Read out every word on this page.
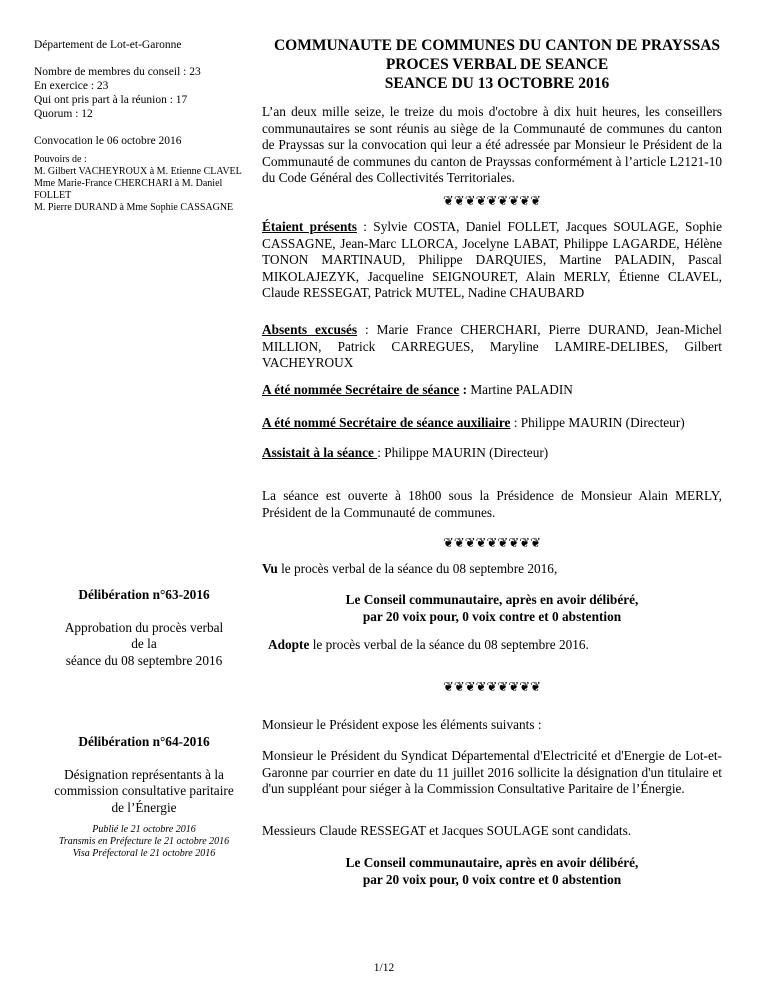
Département de Lot-et-Garonne
Nombre de membres du conseil : 23
En exercice : 23
Qui ont pris part à la réunion : 17
Quorum : 12
Convocation le 06 octobre 2016
Pouvoirs de :
M. Gilbert VACHEYROUX à M. Etienne CLAVEL
Mme Marie-France CHERCHARI à M. Daniel
FOLLET
M. Pierre DURAND à Mme Sophie CASSAGNE
COMMUNAUTE DE COMMUNES DU CANTON DE PRAYSSAS
PROCES VERBAL DE SEANCE
SEANCE DU 13 OCTOBRE 2016
L’an deux mille seize, le treize du mois d'octobre à dix huit heures, les conseillers communautaires se sont réunis au siège de la Communauté de communes du canton de Prayssas sur la convocation qui leur a été adressée par Monsieur le Président de la Communauté de communes du canton de Prayssas conformément à l’article L2121-10 du Code Général des Collectivités Territoriales.
❦❦❦❦❦❦❦❦❦
Étaient présents : Sylvie COSTA, Daniel FOLLET, Jacques SOULAGE, Sophie CASSAGNE, Jean-Marc LLORCA, Jocelyne LABAT, Philippe LAGARDE, Hélène TONON MARTINAUD, Philippe DARQUIES, Martine PALADIN, Pascal MIKOLAJEZYK, Jacqueline SEIGNOURET, Alain MERLY, Étienne CLAVEL, Claude RESSEGAT, Patrick MUTEL, Nadine CHAUBARD
Absents excusés : Marie France CHERCHARI, Pierre DURAND, Jean-Michel MILLION, Patrick CARREGUES, Maryline LAMIRE-DELIBES, Gilbert VACHEYROUX
A été nommée Secrétaire de séance : Martine PALADIN
A été nommé Secrétaire de séance auxiliaire : Philippe MAURIN (Directeur)
Assistait à la séance : Philippe MAURIN (Directeur)
La séance est ouverte à 18h00 sous la Présidence de Monsieur Alain MERLY, Président de la Communauté de communes.
❦❦❦❦❦❦❦❦❦
Vu le procès verbal de la séance du 08 septembre 2016,
Délibération n°63-2016
Approbation du procès verbal
de la
séance du 08 septembre 2016
Le Conseil communautaire, après en avoir délibéré,
par 20 voix pour, 0 voix contre et 0 abstention
Adopte le procès verbal de la séance du 08 septembre 2016.
❦❦❦❦❦❦❦❦❦
Monsieur le Président expose les éléments suivants :
Délibération n°64-2016
Désignation représentants à la
commission consultative paritaire
de l’Énergie
Publié le 21 octobre 2016
Transmis en Préfecture le 21 octobre 2016
Visa Préfectoral le 21 octobre 2016
Monsieur le Président du Syndicat Départemental d'Electricité et d'Energie de Lot-et-Garonne par courrier en date du 11 juillet 2016 sollicite la désignation d'un titulaire et d'un suppléant pour siéger à la Commission Consultative Paritaire de l’Énergie.
Messieurs Claude RESSEGAT et Jacques SOULAGE sont candidats.
Le Conseil communautaire, après en avoir délibéré,
par 20 voix pour, 0 voix contre et 0 abstention
1/12
